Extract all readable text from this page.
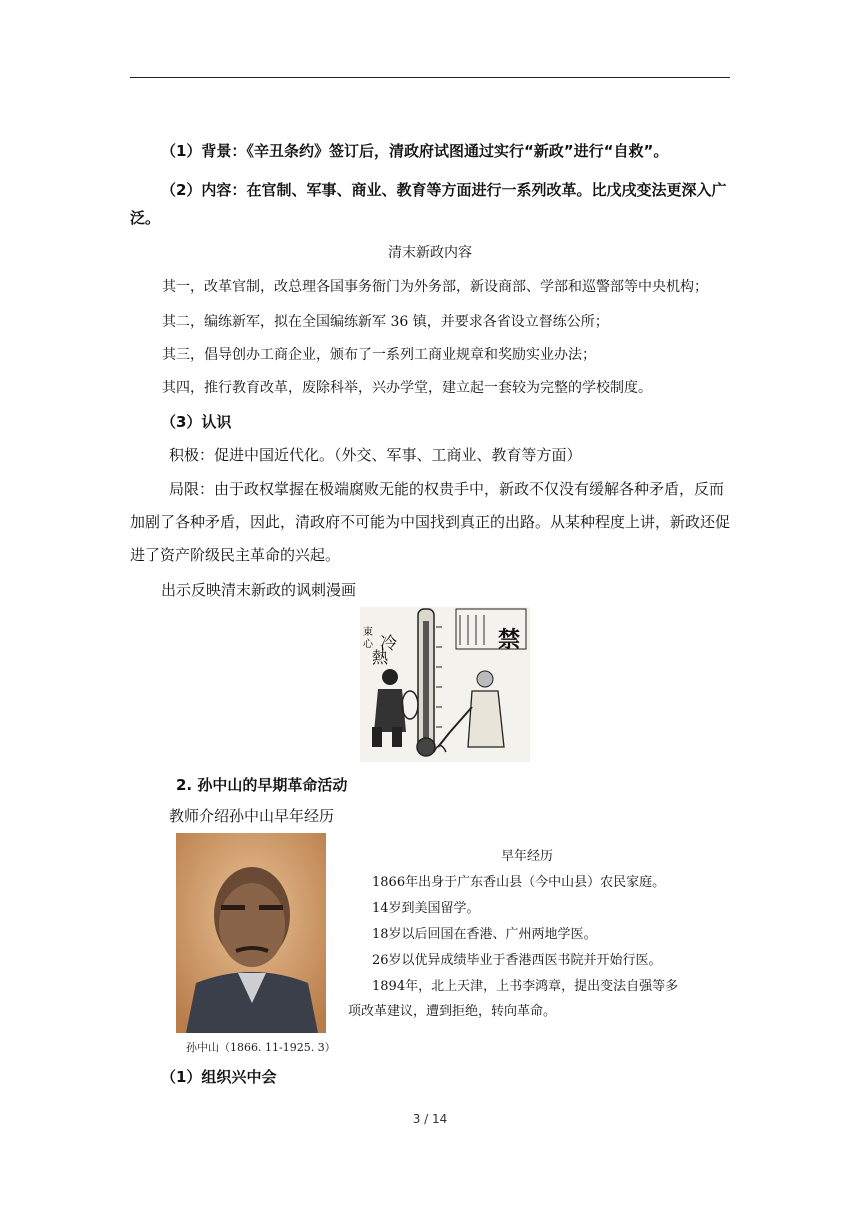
（1）背景：《辛丑条约》签订后，清政府试图通过实行“新政”进行“自救”。
（2）内容：在官制、军事、商业、教育等方面进行一系列改革。比戊戌变法更深入广
泛。
清末新政内容
其一，改革官制，改总理各国事务衙门为外务部，新设商部、学部和巡警部等中央机构；
其二，编练新军，拟在全国编练新军 36 镇，并要求各省设立督练公所；
其三，倡导创办工商企业，颁布了一系列工商业规章和奖励实业办法；
其四，推行教育改革，废除科举，兴办学堂，建立起一套较为完整的学校制度。
（3）认识
积极：促进中国近代化。（外交、军事、工商业、教育等方面）
局限：由于政权掌握在极端腐败无能的权贵手中，新政不仅没有缓解各种矛盾，反而
加剧了各种矛盾，因此，清政府不可能为中国找到真正的出路。从某种程度上讲，新政还促
进了资产阶级民主革命的兴起。
出示反映清末新政的讽刺漫画
冷
熱
東心	禁
2. 孙中山的早期革命活动
教师介绍孙中山早年经历
孙中山（1866. 11-1925. 3）
早年经历
1866年出身于广东香山县（今中山县）农民家庭。
14岁到美国留学。
18岁以后回国在香港、广州两地学医。
26岁以优异成绩毕业于香港西医书院并开始行医。
1894年，北上天津，上书李鸿章，提出变法自强等多
项改革建议，遭到拒绝，转向革命。
（1）组织兴中会
3 / 14
